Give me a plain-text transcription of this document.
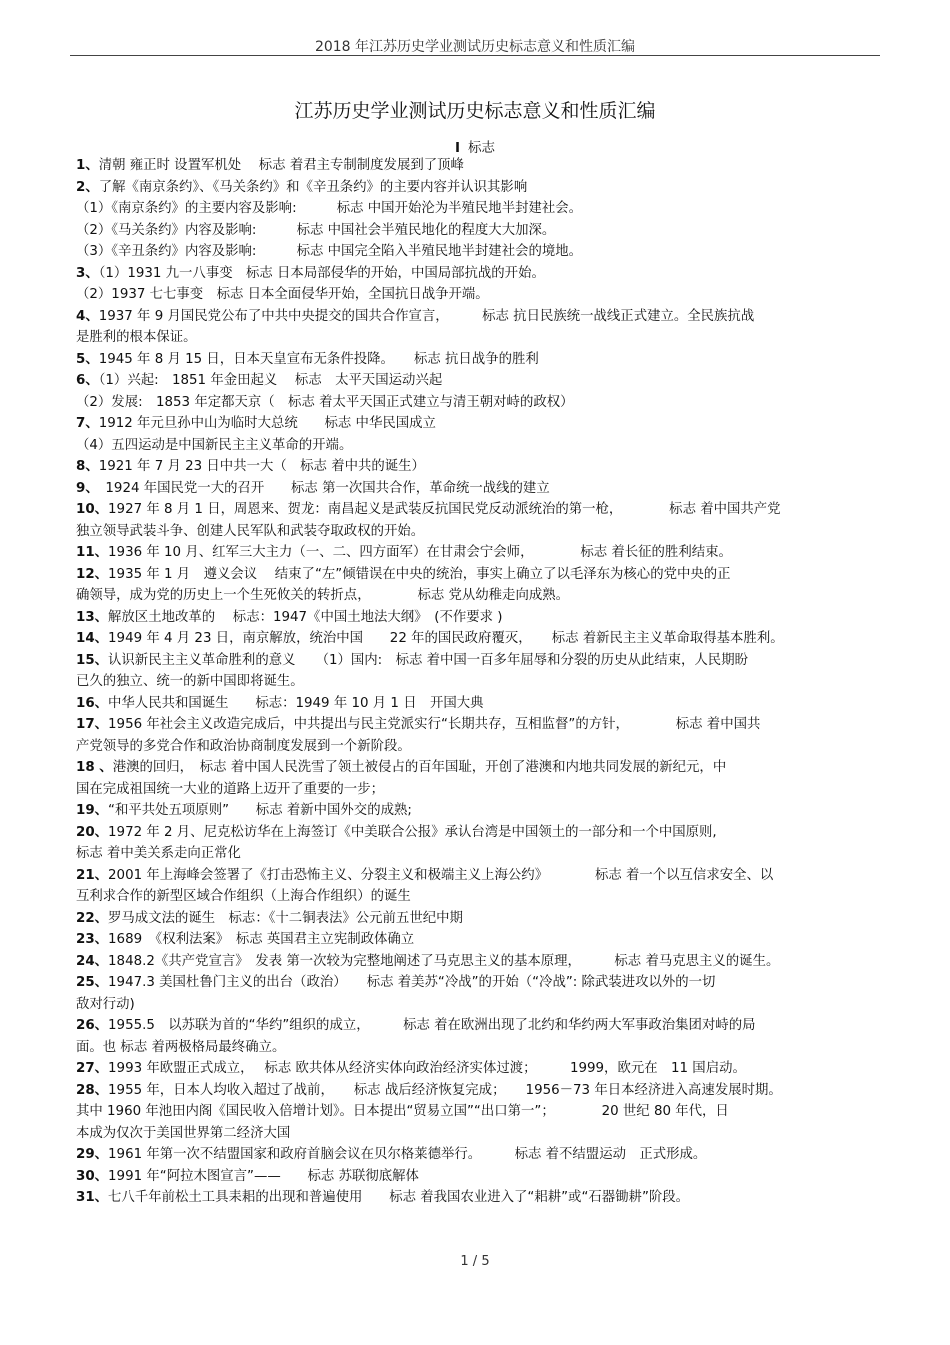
2018 年江苏历史学业测试历史标志意义和性质汇编
江苏历史学业测试历史标志意义和性质汇编
Ⅰ 标志

1、清朝 雍正时 设置军机处　 标志 着君主专制制度发展到了顶峰

2、了解《南京条约》、《马关条约》和《辛丑条约》的主要内容并认识其影响

（1）《南京条约》的主要内容及影响:　　　标志 中国开始沦为半殖民地半封建社会。

（2）《马关条约》内容及影响:　　　标志 中国社会半殖民地化的程度大大加深。

（3）《辛丑条约》内容及影响:　　　标志 中国完全陷入半殖民地半封建社会的境地。

3、（1）1931 九一八事变　标志 日本局部侵华的开始，中国局部抗战的开始。

（2）1937 七七事变　标志 日本全面侵华开始，全国抗日战争开端。

4、1937 年 9 月国民党公布了中共中央提交的国共合作宣言，　　　标志 抗日民族统一战线正式建立。全民族抗战
是胜利的根本保证。

5、1945 年 8 月 15 日，日本天皇宣布无条件投降。　　标志 抗日战争的胜利

6、（1）兴起:　1851 年金田起义　 标志　太平天国运动兴起

（2）发展:　1853 年定都天京（　标志 着太平天国正式建立与清王朝对峙的政权）

7、1912 年元旦孙中山为临时大总统　　标志 中华民国成立

（4）五四运动是中国新民主主义革命的开端。

8、1921 年 7 月 23 日中共一大（　标志 着中共的诞生）

9、　1924 年国民党一大的召开　　标志 第一次国共合作，革命统一战线的建立

10、1927 年 8 月 1 日，周恩来、贺龙：南昌起义是武装反抗国民党反动派统治的第一枪，　　　　标志 着中国共产党
独立领导武装斗争、创建人民军队和武装夺取政权的开始。

11、1936 年 10 月、红军三大主力（一、二、四方面军）在甘肃会宁会师，　　　　标志 着长征的胜利结束。

12、1935 年 1 月　遵义会议　 结束了“左”倾错误在中央的统治，事实上确立了以毛泽东为核心的党中央的正
确领导，成为党的历史上一个生死攸关的转折点，　　　　标志 党从幼稚走向成熟。

13、解放区土地改革的　 标志：1947《中国土地法大纲》　(不作要求 )

14、1949 年 4 月 23 日，南京解放，统治中国　　22 年的国民政府覆灭，　　标志 着新民主主义革命取得基本胜利。

15、认识新民主主义革命胜利的意义　　（1）国内:　标志 着中国一百多年屈辱和分裂的历史从此结束，人民期盼
已久的独立、统一的新中国即将诞生。

16、中华人民共和国诞生　　标志：1949 年 10 月 1 日　开国大典

17、1956 年社会主义改造完成后，中共提出与民主党派实行“长期共存，互相监督”的方针，　　　　标志 着中国共
产党领导的多党合作和政治协商制度发展到一个新阶段。

18 、港澳的回归，　标志 着中国人民洗雪了领土被侵占的百年国耻，开创了港澳和内地共同发展的新纪元，中
国在完成祖国统一大业的道路上迈开了重要的一步；

19、“和平共处五项原则”　　标志 着新中国外交的成熟;

20、1972 年 2 月、尼克松访华在上海签订《中美联合公报》承认台湾是中国领土的一部分和一个中国原则,
标志 着中美关系走向正常化

21、2001 年上海峰会签署了《打击恐怖主义、分裂主义和极端主义上海公约》　　　　标志 着一个以互信求安全、以
互利求合作的新型区域合作组织（上海合作组织）的诞生

22、罗马成文法的诞生　标志：《十二铜表法》公元前五世纪中期

23、1689　《权利法案》　标志 英国君主立宪制政体确立

24、1848.2《共产党宣言》　发表 第一次较为完整地阐述了马克思主义的基本原理，　　　标志 着马克思主义的诞生。

25、1947.3 美国杜鲁门主义的出台（政治）　　标志 着美苏“冷战”的开始（“冷战”: 除武装进攻以外的一切
敌对行动)

26、1955.5　以苏联为首的“华约”组织的成立，　　　标志 着在欧洲出现了北约和华约两大军事政治集团对峙的局
面。也 标志 着两极格局最终确立。

27、1993 年欧盟正式成立，　 标志 欧共体从经济实体向政治经济实体过渡；　　　1999，欧元在　11 国启动。

28、1955 年，日本人均收入超过了战前，　　标志 战后经济恢复完成；　　1956－73 年日本经济进入高速发展时期。
其中 1960 年池田内阁《国民收入倍增计划》。日本提出“贸易立国”“出口第一”；　　　　20 世纪 80 年代，日
本成为仅次于美国世界第二经济大国

29、1961 年第一次不结盟国家和政府首脑会议在贝尔格莱德举行。　　　标志 着不结盟运动　正式形成。

30、1991 年“阿拉木图宣言”——　　标志 苏联彻底解体

31、七八千年前松土工具耒耜的出现和普遍使用　　标志 着我国农业进入了“耜耕”或“石器锄耕”阶段。

1 / 5
